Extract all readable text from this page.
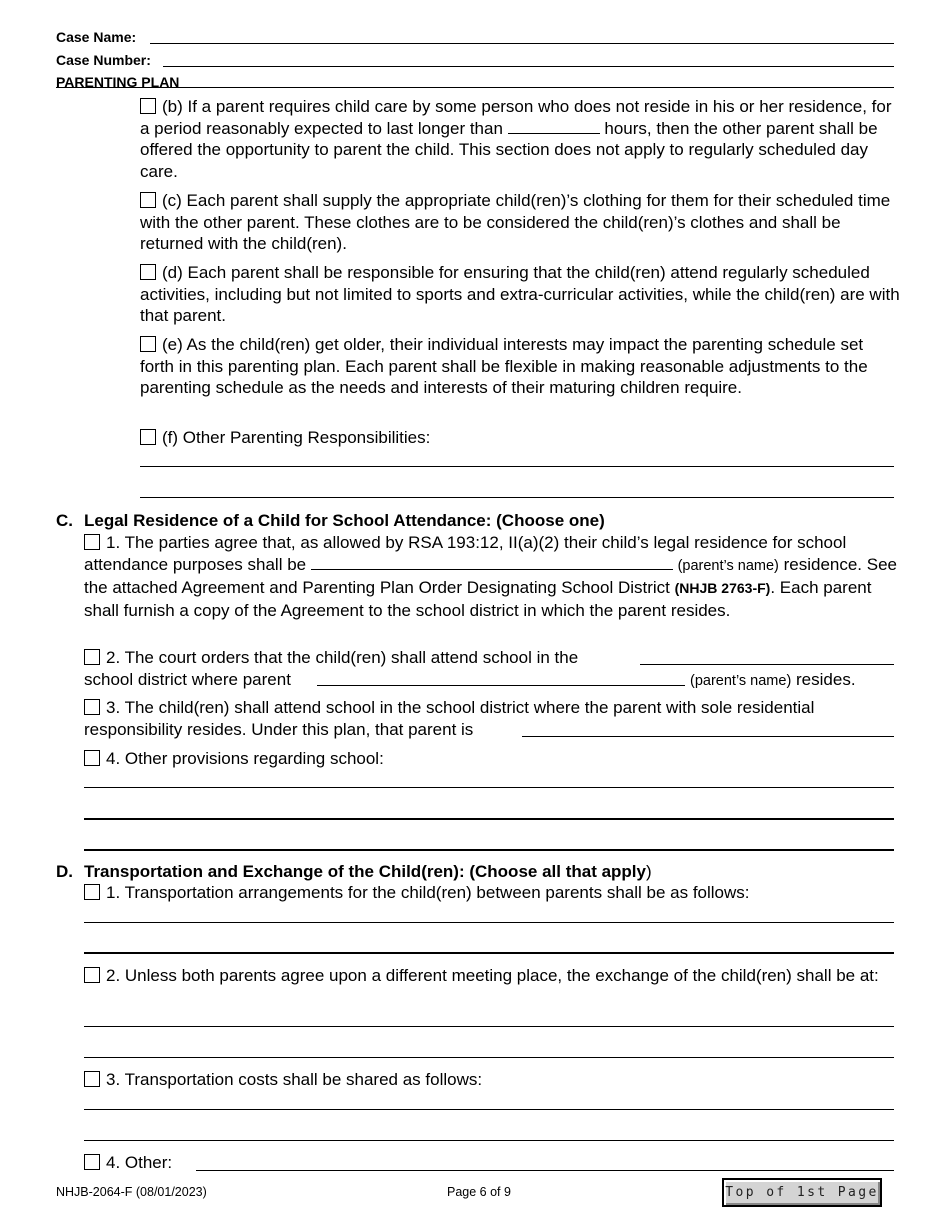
Case Name:
Case Number:
PARENTING PLAN

(b) If a parent requires child care by some person who does not reside in his or her residence, for a period reasonably expected to last longer than	hours, then the other parent shall be offered the opportunity to parent the child. This section does not apply to regularly scheduled day care.

(c) Each parent shall supply the appropriate child(ren)’s clothing for them for their scheduled time with the other parent. These clothes are to be considered the child(ren)’s clothes and shall be returned with the child(ren).

(d) Each parent shall be responsible for ensuring that the child(ren) attend regularly scheduled activities, including but not limited to sports and extra-curricular activities, while the child(ren) are with that parent.

(e) As the child(ren) get older, their individual interests may impact the parenting schedule set forth in this parenting plan. Each parent shall be flexible in making reasonable adjustments to the parenting schedule as the needs and interests of their maturing children require.

(f) Other Parenting Responsibilities:

C. Legal Residence of a Child for School Attendance: (Choose one)

1. The parties agree that, as allowed by RSA 193:12, II(a)(2) their child’s legal residence for school attendance purposes shall be	(parent’s name) residence. See the attached Agreement and Parenting Plan Order Designating School District (NHJB 2763-F). Each parent shall furnish a copy of the Agreement to the school district in which the parent resides.

2. The court orders that the child(ren) shall attend school in the

school district where parent	(parent’s name) resides.

3. The child(ren) shall attend school in the school district where the parent with sole residential responsibility resides. Under this plan, that parent is

4. Other provisions regarding school:

D. Transportation and Exchange of the Child(ren): (Choose all that apply)

1. Transportation arrangements for the child(ren) between parents shall be as follows:

2. Unless both parents agree upon a different meeting place, the exchange of the child(ren) shall be at:

3. Transportation costs shall be shared as follows:

4. Other:

NHJB-2064-F (08/01/2023)	Page 6 of 9	Top of 1st Page
